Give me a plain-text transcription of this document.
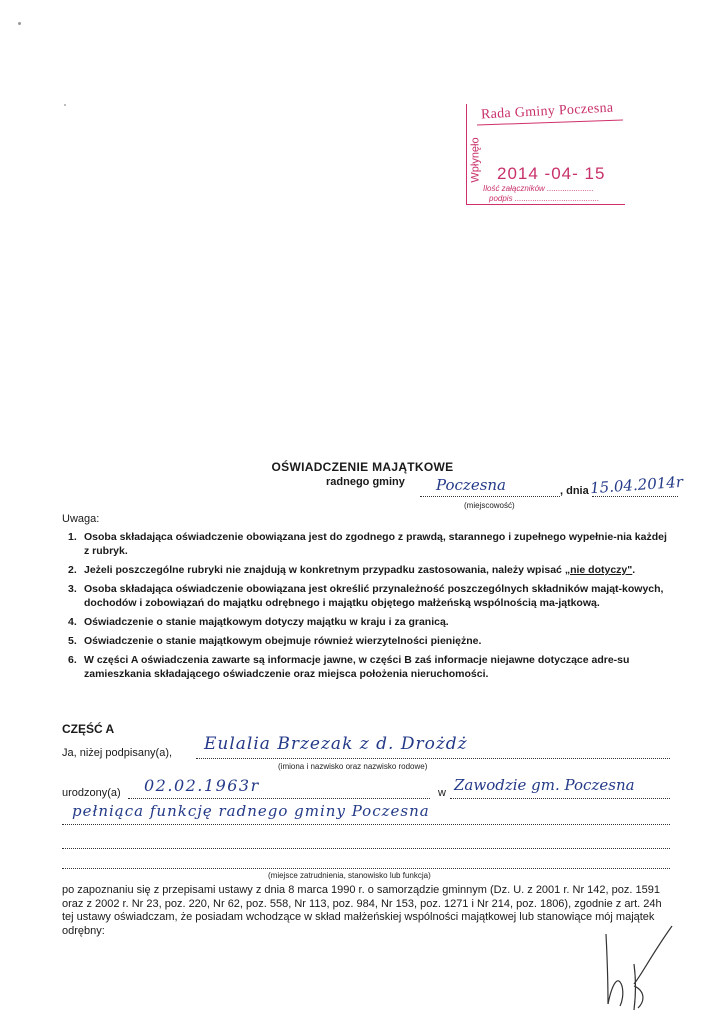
Rada Gminy Poczesna
Wpłynęło 2014 -04- 15
Ilość załączników .....................
podpis ......................................
OŚWIADCZENIE MAJĄTKOWE
radnego gminy Poczesna	, dnia 15.04.2014r
(miejscowość)
Uwaga:
1. Osoba składająca oświadczenie obowiązana jest do zgodnego z prawdą, starannego i zupełnego wypełnie-nia każdej z rubryk.
2. Jeżeli poszczególne rubryki nie znajdują w konkretnym przypadku zastosowania, należy wpisać „nie dotyczy".
3. Osoba składająca oświadczenie obowiązana jest określić przynależność poszczególnych składników mająt-kowych, dochodów i zobowiązań do majątku odrębnego i majątku objętego małżeńską wspólnością ma-jątkową.
4. Oświadczenie o stanie majątkowym dotyczy majątku w kraju i za granicą.
5. Oświadczenie o stanie majątkowym obejmuje również wierzytelności pieniężne.
6. W części A oświadczenia zawarte są informacje jawne, w części B zaś informacje niejawne dotyczące adre-su zamieszkania składającego oświadczenie oraz miejsca położenia nieruchomości.
CZĘŚĆ A
Ja, niżej podpisany(a), Eulalia Brzezak z d. Drożdż
(imiona i nazwisko oraz nazwisko rodowe)
urodzony(a) 02.02.1963r	w Zawodzie gm. Poczesna
pełniąca funkcję radnego gminy Poczesna
(miejsce zatrudnienia, stanowisko lub funkcja)
po zapoznaniu się z przepisami ustawy z dnia 8 marca 1990 r. o samorządzie gminnym (Dz. U. z 2001 r. Nr 142, poz. 1591 oraz z 2002 r. Nr 23, poz. 220, Nr 62, poz. 558, Nr 113, poz. 984, Nr 153, poz. 1271 i Nr 214, poz. 1806), zgodnie z art. 24h tej ustawy oświadczam, że posiadam wchodzące w skład małżeńskiej wspólności majątkowej lub stanowiące mój majątek odrębny:
